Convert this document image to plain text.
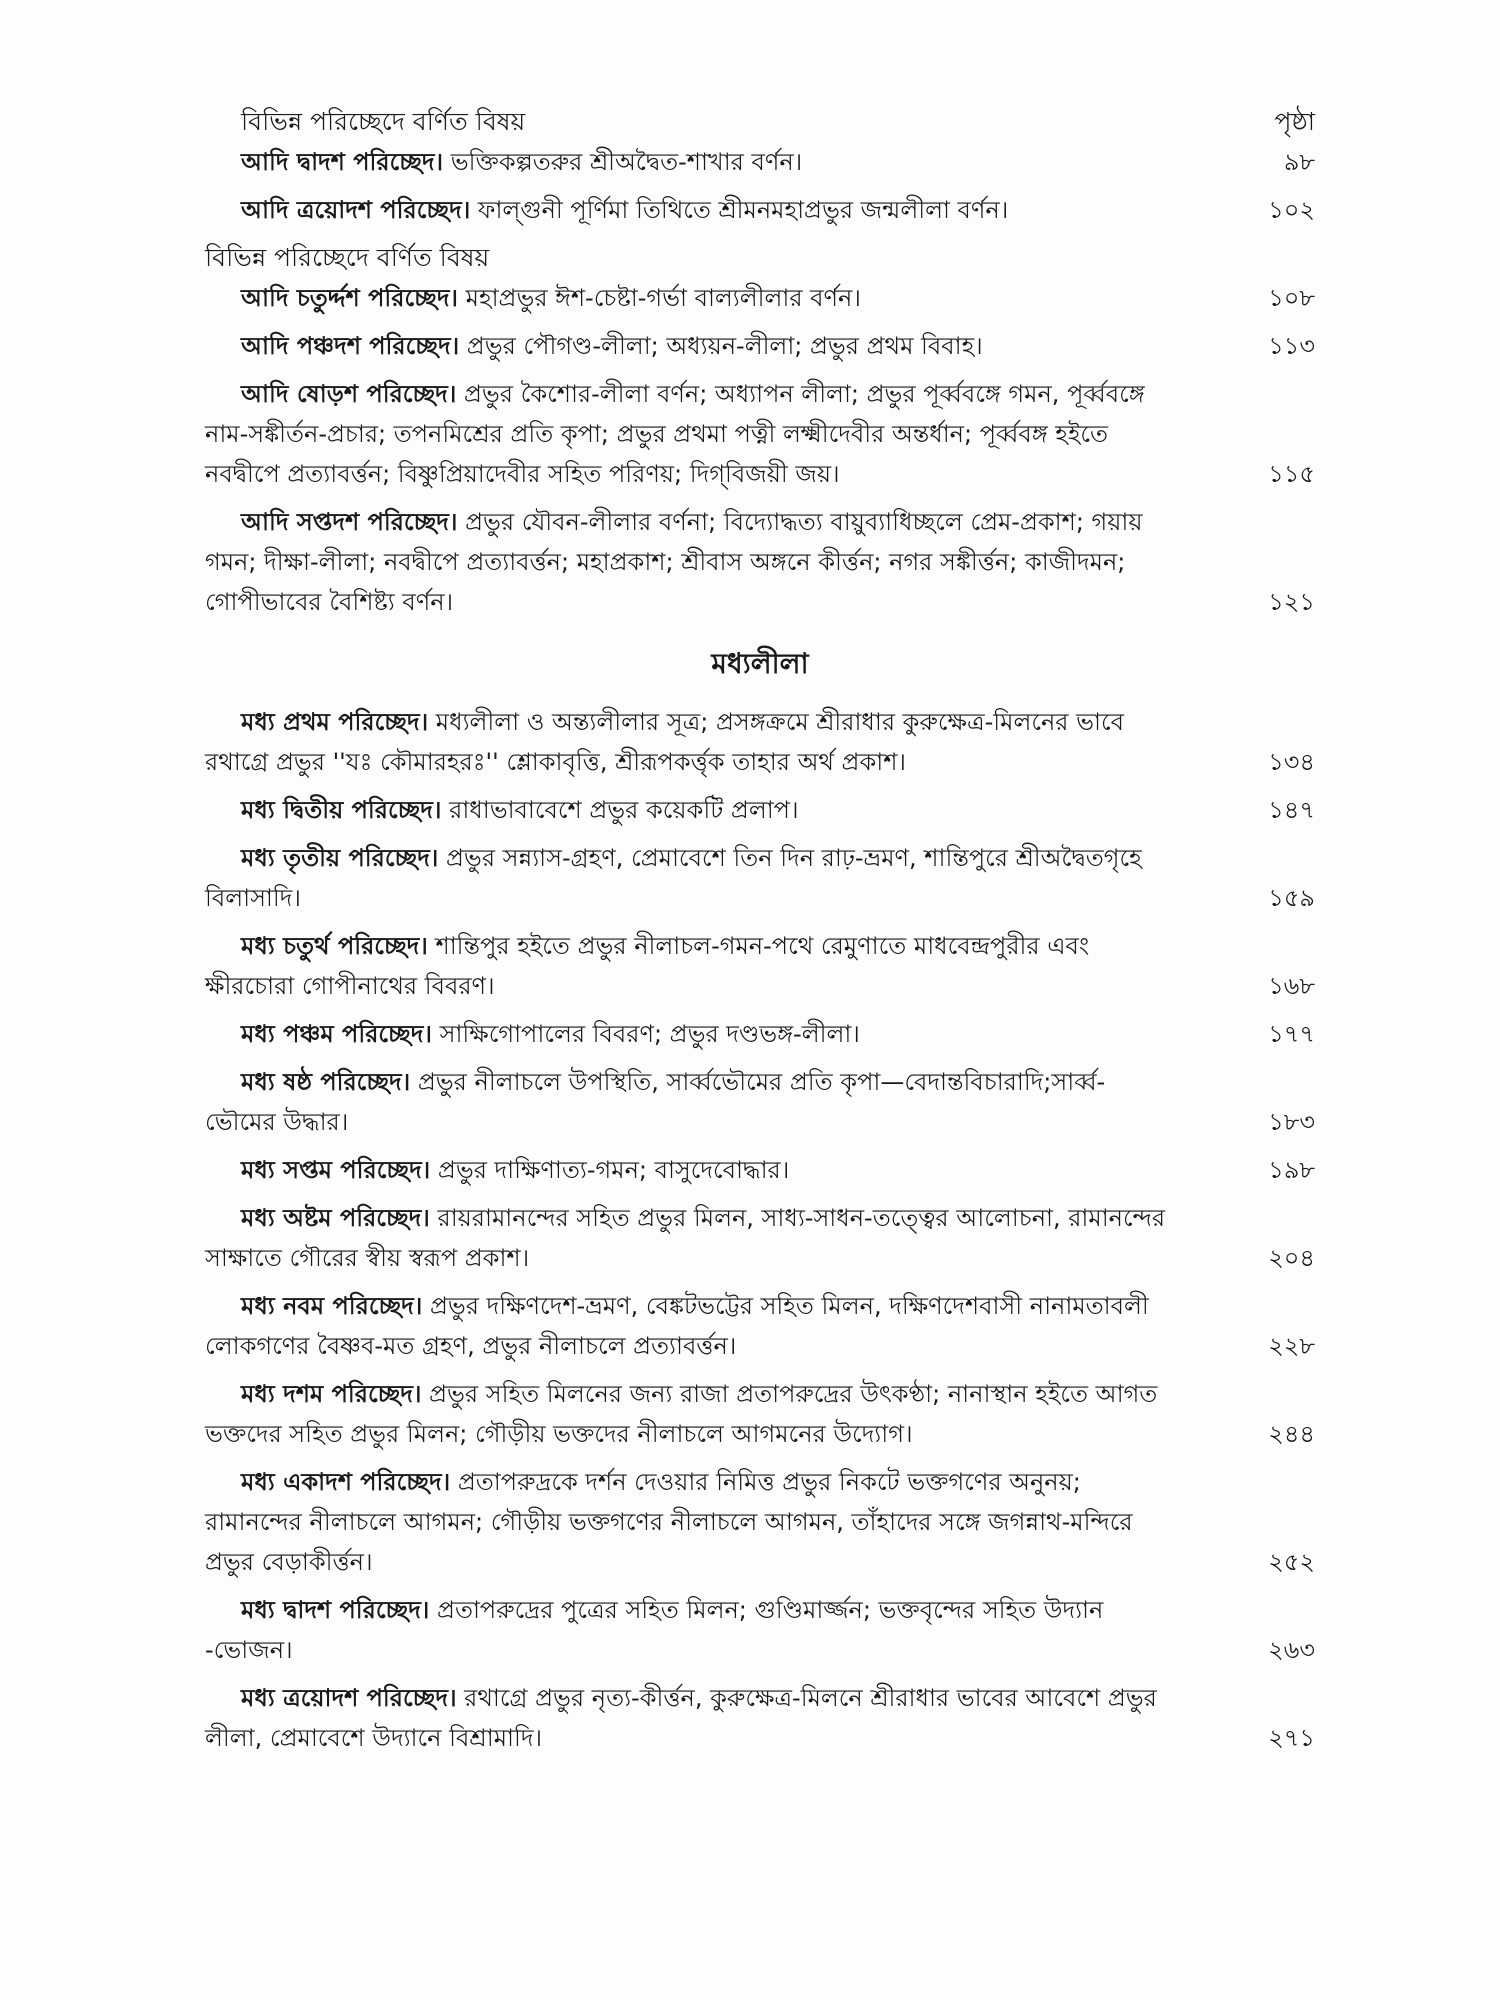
বিভিন্ন পরিচ্ছেদে বর্ণিত বিষয়	পৃষ্ঠা
আদি দ্বাদশ পরিচ্ছেদ। ভক্তিকল্পতরুর শ্রীঅদ্বৈত-শাখার বর্ণন।	৯৮
আদি ত্রয়োদশ পরিচ্ছেদ। ফাল্গুনী পূর্ণিমা তিথিতে শ্রীমনমহাপ্রভুর জন্মলীলা বর্ণন।	১০২
বিভিন্ন পরিচ্ছেদে বর্ণিত বিষয়
আদি চতুর্দ্দশ পরিচ্ছেদ। মহাপ্রভুর ঈশ-চেষ্টা-গর্ভা বাল্যলীলার বর্ণন।	১০৮
আদি পঞ্চদশ পরিচ্ছেদ। প্রভুর পৌগণ্ড-লীলা; অধ্যয়ন-লীলা; প্রভুর প্রথম বিবাহ।	১১৩
আদি ষোড়শ পরিচ্ছেদ। প্রভুর কৈশোর-লীলা বর্ণন; অধ্যাপন লীলা; প্রভুর পূর্ব্ববঙ্গে গমন, পূর্ব্ববঙ্গে
নাম-সঙ্কীর্তন-প্রচার; তপনমিশ্রের প্রতি কৃপা; প্রভুর প্রথমা পত্নী লক্ষ্মীদেবীর অন্তর্ধান; পূর্ব্ববঙ্গ হইতে
নবদ্বীপে প্রত্যাবর্ত্তন; বিষ্ণুপ্রিয়াদেবীর সহিত পরিণয়; দিগ্‌বিজয়ী জয়।	১১৫
আদি সপ্তদশ পরিচ্ছেদ। প্রভুর যৌবন-লীলার বর্ণনা; বিদ্যোদ্ধত্য বায়ুব্যাধিচ্ছলে প্রেম-প্রকাশ; গয়ায়
গমন; দীক্ষা-লীলা; নবদ্বীপে প্রত্যাবর্ত্তন; মহাপ্রকাশ; শ্রীবাস অঙ্গনে কীর্ত্তন; নগর সঙ্কীর্ত্তন; কাজীদমন;
গোপীভাবের বৈশিষ্ট্য বর্ণন।	১২১
মধ্যলীলা
মধ্য প্রথম পরিচ্ছেদ। মধ্যলীলা ও অন্ত্যলীলার সূত্র; প্রসঙ্গক্রমে শ্রীরাধার কুরুক্ষেত্র-মিলনের ভাবে
রথাগ্রে প্রভুর ''যঃ কৌমারহরঃ'' শ্লোকাবৃত্তি, শ্রীরূপকর্ত্তৃক তাহার অর্থ প্রকাশ।	১৩৪
মধ্য দ্বিতীয় পরিচ্ছেদ। রাধাভাবাবেশে প্রভুর কয়েকটি প্রলাপ।	১৪৭
মধ্য তৃতীয় পরিচ্ছেদ। প্রভুর সন্ন্যাস-গ্রহণ, প্রেমাবেশে তিন দিন রাঢ়-ভ্রমণ, শান্তিপুরে শ্রীঅদ্বৈতগৃহে
বিলাসাদি।	১৫৯
মধ্য চতুর্থ পরিচ্ছেদ। শান্তিপুর হইতে প্রভুর নীলাচল-গমন-পথে রেমুণাতে মাধবেন্দ্রপুরীর এবং
ক্ষীরচোরা গোপীনাথের বিবরণ।	১৬৮
মধ্য পঞ্চম পরিচ্ছেদ। সাক্ষিগোপালের বিবরণ; প্রভুর দণ্ডভঙ্গ-লীলা।	১৭৭
মধ্য ষষ্ঠ পরিচ্ছেদ। প্রভুর নীলাচলে উপস্থিতি, সার্ব্বভৌমের প্রতি কৃপা—বেদান্তবিচারাদি;সার্ব্ব-
ভৌমের উদ্ধার।	১৮৩
মধ্য সপ্তম পরিচ্ছেদ। প্রভুর দাক্ষিণাত্য-গমন; বাসুদেবোদ্ধার।	১৯৮
মধ্য অষ্টম পরিচ্ছেদ। রায়রামানন্দের সহিত প্রভুর মিলন, সাধ্য-সাধন-তত্ত্বের আলোচনা, রামানন্দের
সাক্ষাতে গৌরের স্বীয় স্বরূপ প্রকাশ।	২০৪
মধ্য নবম পরিচ্ছেদ। প্রভুর দক্ষিণদেশ-ভ্রমণ, বেঙ্কটভট্টের সহিত মিলন, দক্ষিণদেশবাসী নানামতাবলী
লোকগণের বৈষ্ণব-মত গ্রহণ, প্রভুর নীলাচলে প্রত্যাবর্ত্তন।	২২৮
মধ্য দশম পরিচ্ছেদ। প্রভুর সহিত মিলনের জন্য রাজা প্রতাপরুদ্রের উৎকণ্ঠা; নানাস্থান হইতে আগত
ভক্তদের সহিত প্রভুর মিলন; গৌড়ীয় ভক্তদের নীলাচলে আগমনের উদ্যোগ।	২৪৪
মধ্য একাদশ পরিচ্ছেদ। প্রতাপরুদ্রকে দর্শন দেওয়ার নিমিত্ত প্রভুর নিকটে ভক্তগণের অনুনয়;
রামানন্দের নীলাচলে আগমন; গৌড়ীয় ভক্তগণের নীলাচলে আগমন, তাঁহাদের সঙ্গে জগন্নাথ-মন্দিরে
প্রভুর বেড়াকীর্ত্তন।	২৫২
মধ্য দ্বাদশ পরিচ্ছেদ। প্রতাপরুদ্রের পুত্রের সহিত মিলন; গুণ্ডিমার্জ্জন; ভক্তবৃন্দের সহিত উদ্যান
-ভোজন।	২৬৩
মধ্য ত্রয়োদশ পরিচ্ছেদ। রথাগ্রে প্রভুর নৃত্য-কীর্ত্তন, কুরুক্ষেত্র-মিলনে শ্রীরাধার ভাবের আবেশে প্রভুর
লীলা, প্রেমাবেশে উদ্যানে বিশ্রামাদি।	২৭১
